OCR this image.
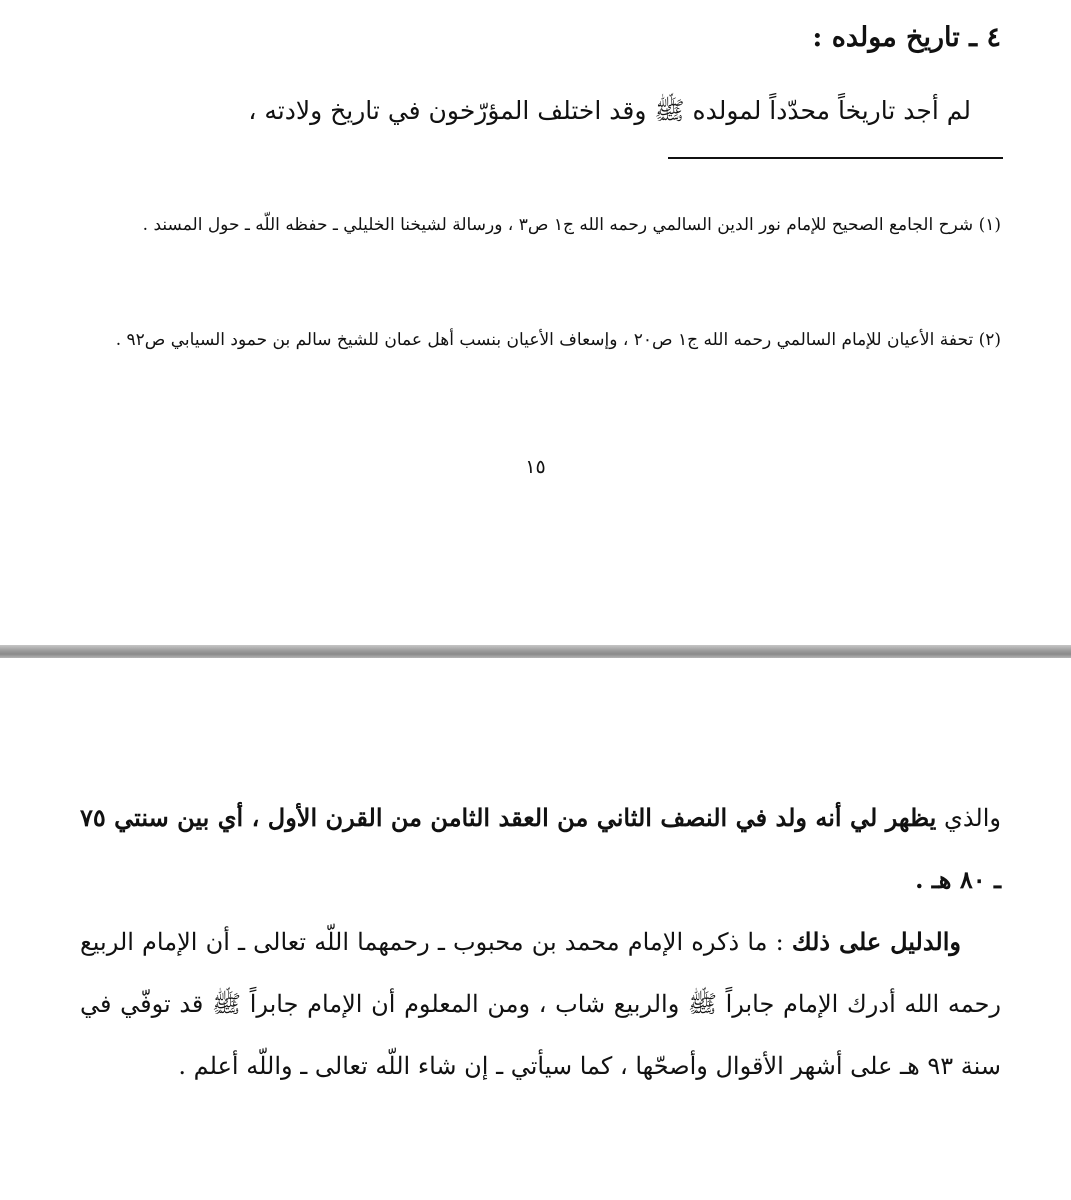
٤ ـ تاريخ مولده :
لم أجد تاريخاً محدّداً لمولده ﷺ وقد اختلف المؤرّخون في تاريخ ولادته ،
(١) شرح الجامع الصحيح للإمام نور الدين السالمي رحمه الله ج١ ص٣ ، ورسالة لشيخنا الخليلي ـ حفظه اللّه ـ حول المسند .
(٢) تحفة الأعيان للإمام السالمي رحمه الله ج١ ص٢٠ ، وإسعاف الأعيان بنسب أهل عمان للشيخ سالم بن حمود السيابي ص٩٢ .
١٥

والذي يظهر لي أنه ولد في النصف الثاني من العقد الثامن من القرن الأول ، أي بين سنتي ٧٥ ـ ٨٠ هـ .

والدليل على ذلك : ما ذكره الإمام محمد بن محبوب ـ رحمهما اللّه تعالى ـ أن الإمام الربيع رحمه الله أدرك الإمام جابراً ﷺ والربيع شاب ، ومن المعلوم أن الإمام جابراً ﷺ قد توفّي في سنة ٩٣ هـ على أشهر الأقوال وأصحّها ، كما سيأتي ـ إن شاء اللّه تعالى ـ واللّه أعلم .
